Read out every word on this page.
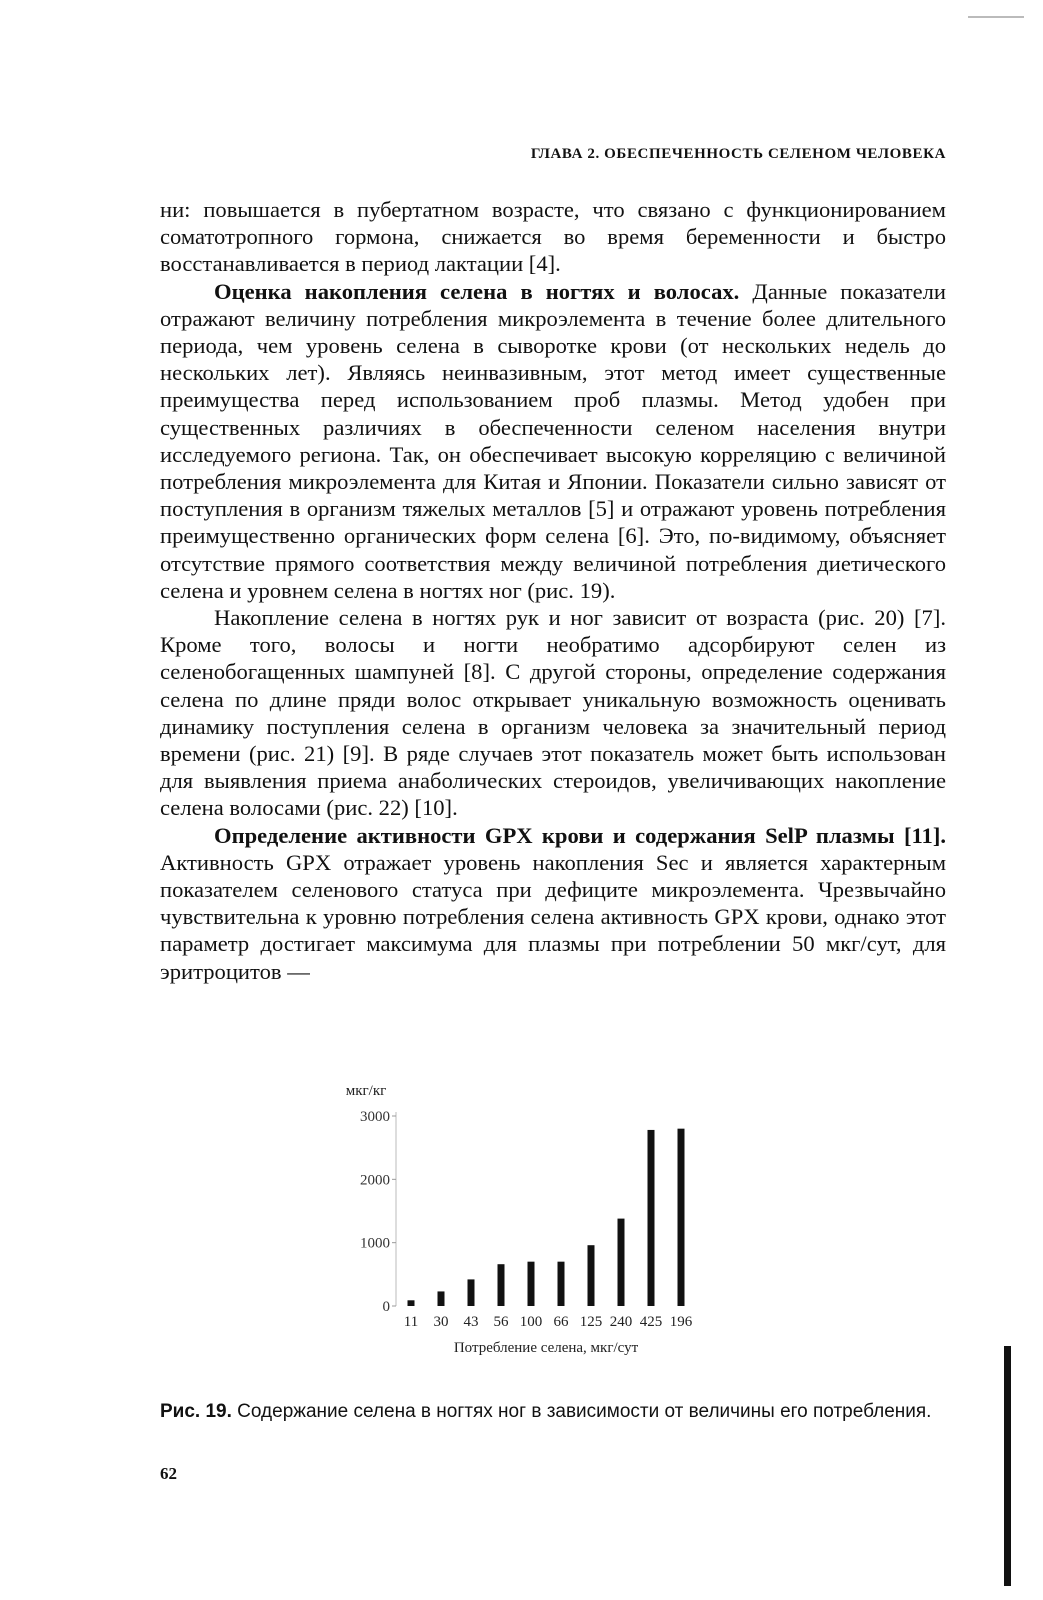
ГЛАВА 2. ОБЕСПЕЧЕННОСТЬ СЕЛЕНОМ ЧЕЛОВЕКА

ни: повышается в пубертатном возрасте, что связано с функционированием соматотропного гормона, снижается во время беременности и быстро восстанавливается в период лактации [4].

Оценка накопления селена в ногтях и волосах. Данные показатели отражают величину потребления микроэлемента в течение более длительного периода, чем уровень селена в сыворотке крови (от нескольких недель до нескольких лет). Являясь неинвазивным, этот метод имеет существенные преимущества перед использованием проб плазмы. Метод удобен при существенных различиях в обеспеченности селеном населения внутри исследуемого региона. Так, он обеспечивает высокую корреляцию с величиной потребления микроэлемента для Китая и Японии. Показатели сильно зависят от поступления в организм тяжелых металлов [5] и отражают уровень потребления преимущественно органических форм селена [6]. Это, по-видимому, объясняет отсутствие прямого соответствия между величиной потребления диетического селена и уровнем селена в ногтях ног (рис. 19).

Накопление селена в ногтях рук и ног зависит от возраста (рис. 20) [7]. Кроме того, волосы и ногти необратимо адсорбируют селен из селенобогащенных шампуней [8]. С другой стороны, определение содержания селена по длине пряди волос открывает уникальную возможность оценивать динамику поступления селена в организм человека за значительный период времени (рис. 21) [9]. В ряде случаев этот показатель может быть использован для выявления приема анаболических стероидов, увеличивающих накопление селена волосами (рис. 22) [10].

Определение активности GPX крови и содержания SelP плазмы [11]. Активность GPX отражает уровень накопления Sec и является характерным показателем селенового статуса при дефиците микроэлемента. Чрезвычайно чувствительна к уровню потребления селена активность GPX крови, однако этот параметр достигает максимума для плазмы при потреблении 50 мкг/сут, для эритроцитов —

мкг/кг
0
1000
2000
3000
11 30 43 56 100 66 125 240 425 196
Потребление селена, мкг/сут
Рис. 19. Содержание селена в ногтях ног в зависимости от величины его потребления.
62
